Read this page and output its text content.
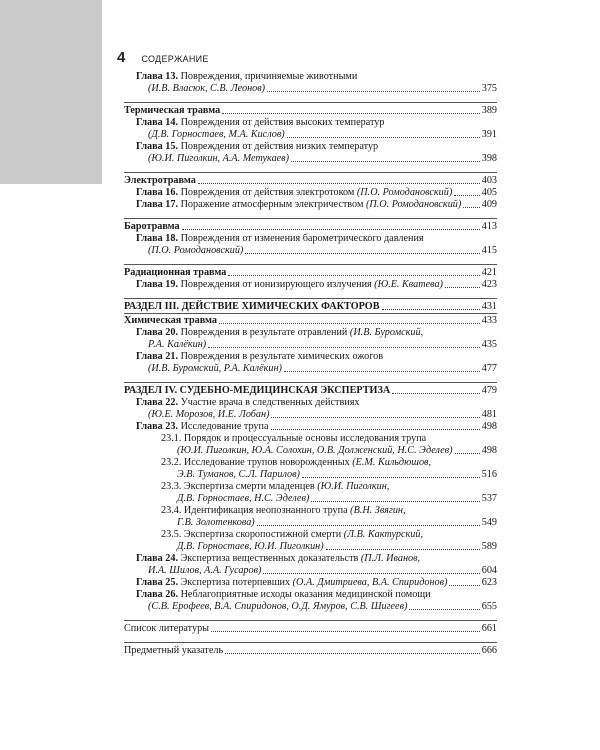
4 СОДЕРЖАНИЕ
Глава 13. Повреждения, причиняемые животными
(И.В. Власюк, С.В. Леонов)	375
Термическая травма	389
Глава 14. Повреждения от действия высоких температур
(Д.В. Горностаев, М.А. Кислов)	391
Глава 15. Повреждения от действия низких температур
(Ю.И. Пиголкин, А.А. Метукаев)	398
Электротравма	403
Глава 16. Повреждения от действия электротоком (П.О. Ромодановский)	405
Глава 17. Поражение атмосферным электричеством (П.О. Ромодановский) 409
Баротравма	413
Глава 18. Повреждения от изменения барометрического давления
(П.О. Ромодановский)	415
Радиационная травма	421
Глава 19. Повреждения от ионизирующего излучения (Ю.Е. Кватева)	423
РАЗДЕЛ III. ДЕЙСТВИЕ ХИМИЧЕСКИХ ФАКТОРОВ	431
Химическая травма	433
Глава 20. Повреждения в результате отравлений (И.В. Буромский,
Р.А. Калёкин)	435
Глава 21. Повреждения в результате химических ожогов
(И.В. Буромский, Р.А. Калёкин)	477
РАЗДЕЛ IV. СУДЕБНО-МЕДИЦИНСКАЯ ЭКСПЕРТИЗА	479
Глава 22. Участие врача в следственных действиях
(Ю.Е. Морозов, И.Е. Лобан)	481
Глава 23. Исследование трупа	498
23.1. Порядок и процессуальные основы исследования трупа
(Ю.И. Пиголкин, Ю.А. Солохин, О.В. Долженский, Н.С. Эделев)	498
23.2. Исследование трупов новорожденных (Е.М. Кильдюшов,
Э.В. Туманов, С.Л. Парилов)	516
23.3. Экспертиза смерти младенцев (Ю.И. Пиголкин,
Д.В. Горностаев, Н.С. Эделев)	537
23.4. Идентификация неопознанного трупа (В.Н. Звягин,
Г.В. Золотенкова)	549
23.5. Экспертиза скоропостижной смерти (Л.В. Кактурский,
Д.В. Горностаев, Ю.И. Пиголкин)	589
Глава 24. Экспертиза вещественных доказательств (П.Л. Иванов,
И.А. Шилов, А.А. Гусаров)	604
Глава 25. Экспертиза потерпевших (О.А. Дмитриева, В.А. Спиридонов)	623
Глава 26. Неблагоприятные исходы оказания медицинской помощи
(С.В. Ерофеев, В.А. Спиридонов, О.Д. Ямуров, С.В. Шигеев)	655
Список литературы	661
Предметный указатель	666
